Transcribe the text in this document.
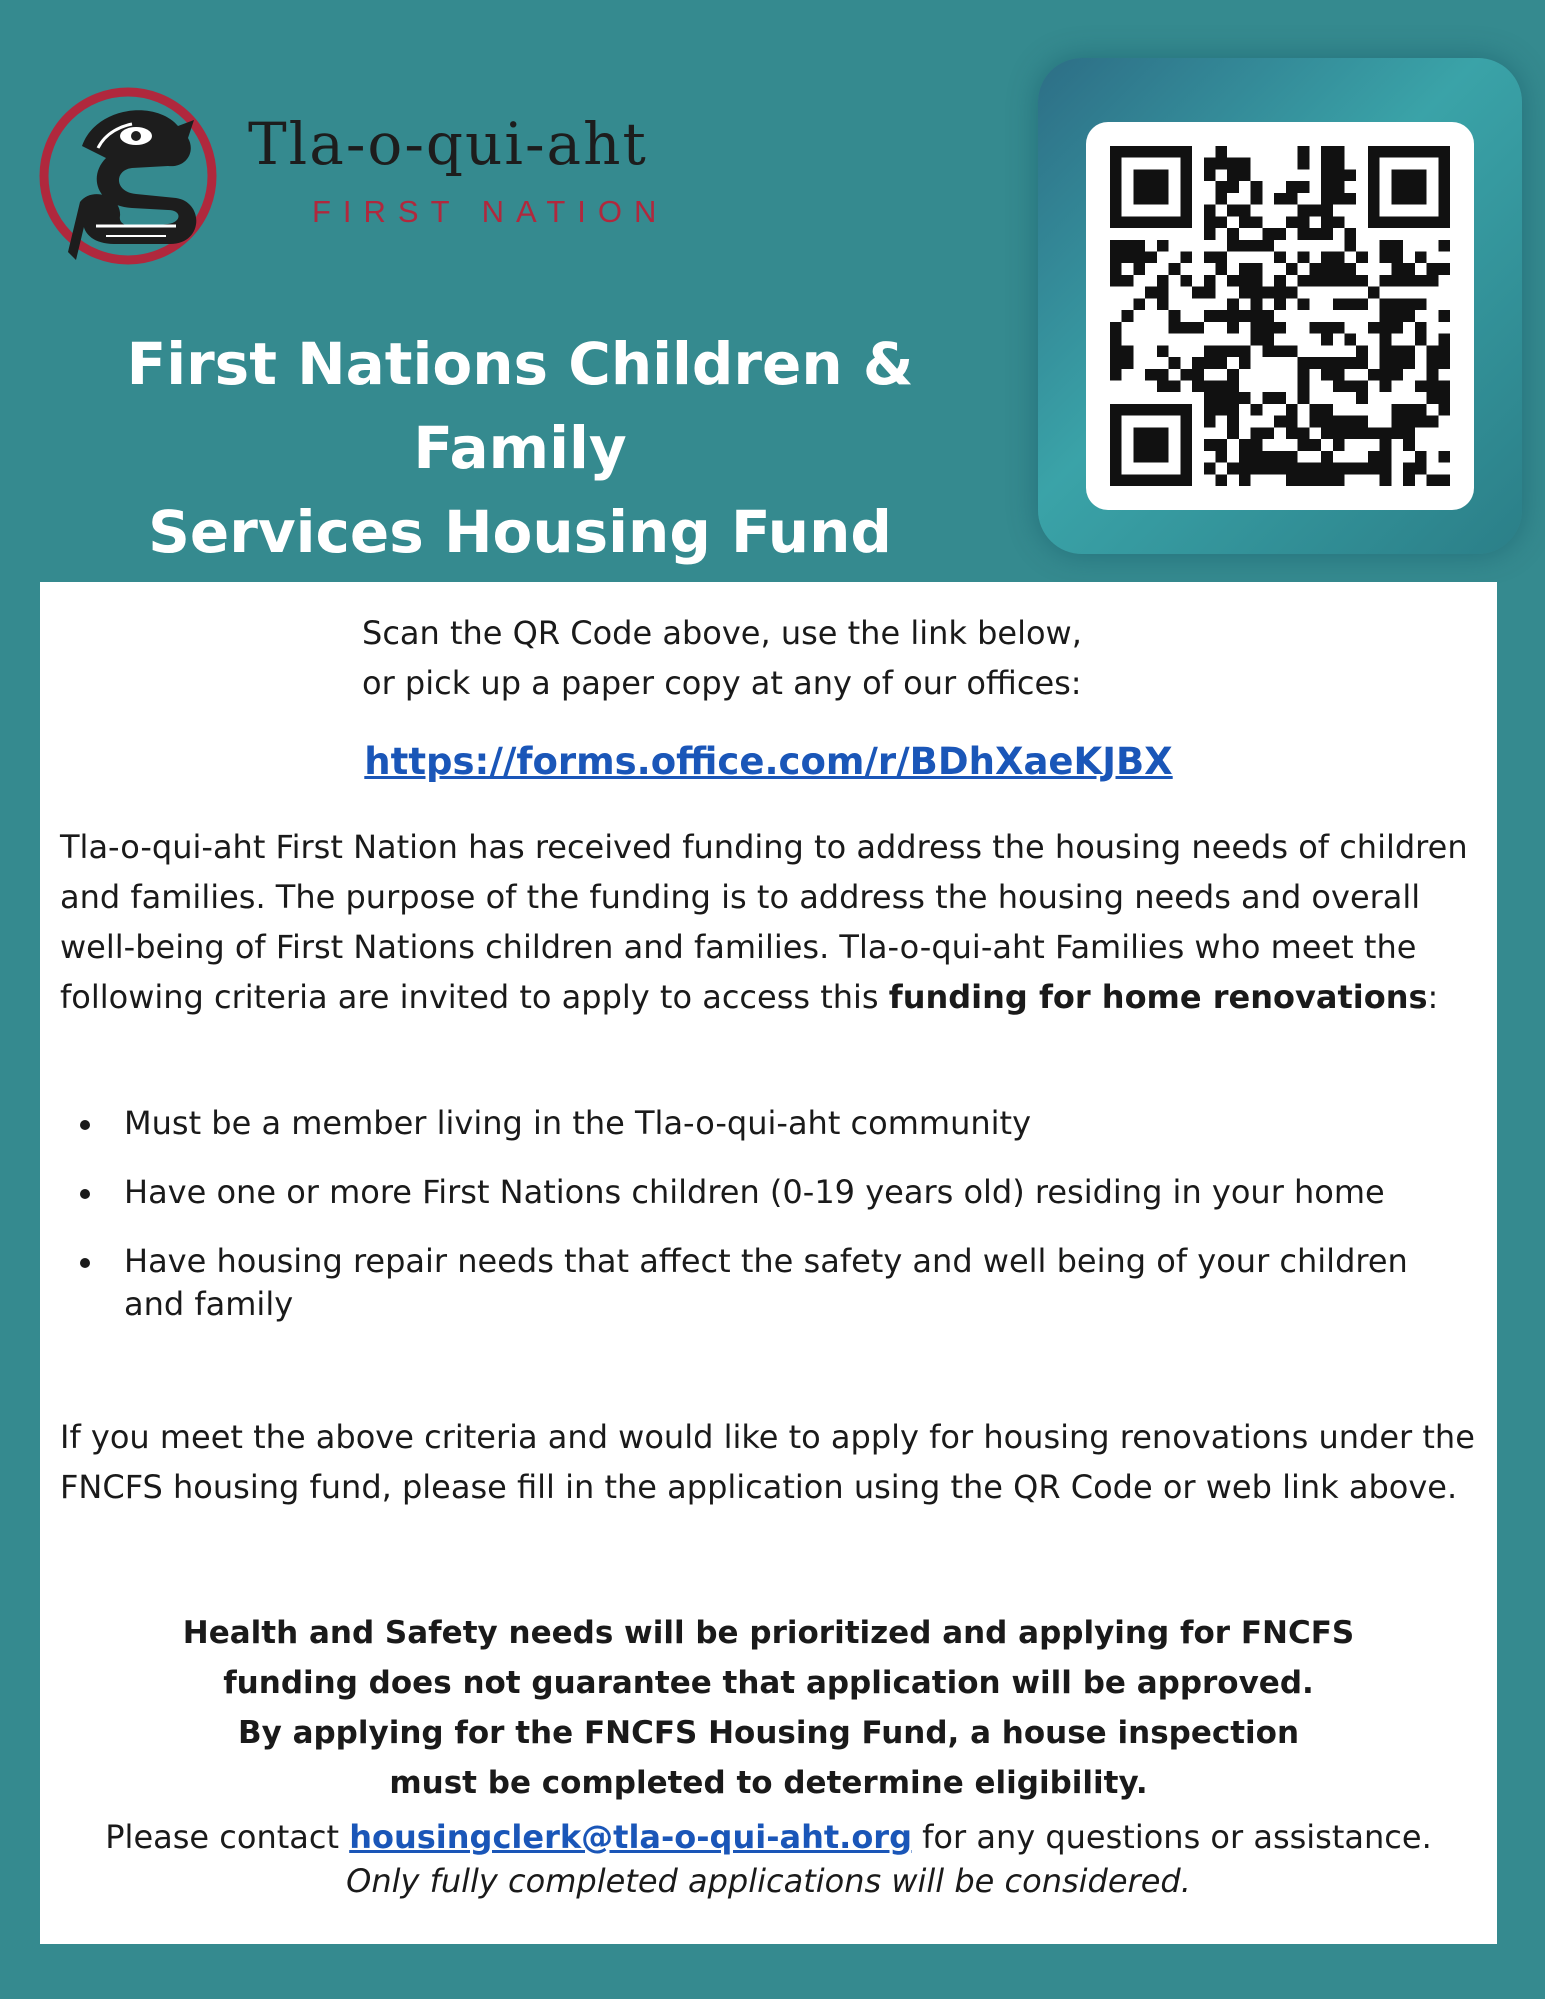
Tla-o-qui-aht
FIRST NATION
First Nations Children & Family
Services Housing Fund
Scan the QR Code above, use the link below,
or pick up a paper copy at any of our offices:
https://forms.office.com/r/BDhXaeKJBX
Tla-o-qui-aht First Nation has received funding to address the housing needs of children and families. The purpose of the funding is to address the housing needs and overall well-being of First Nations children and families. Tla-o-qui-aht Families who meet the following criteria are invited to apply to access this funding for home renovations:
Must be a member living in the Tla-o-qui-aht community
Have one or more First Nations children (0-19 years old) residing in your home
Have housing repair needs that affect the safety and well being of your children and family
If you meet the above criteria and would like to apply for housing renovations under the FNCFS housing fund, please fill in the application using the QR Code or web link above.
Health and Safety needs will be prioritized and applying for FNCFS
funding does not guarantee that application will be approved.
By applying for the FNCFS Housing Fund, a house inspection
must be completed to determine eligibility.
Please contact housingclerk@tla-o-qui-aht.org for any questions or assistance.
Only fully completed applications will be considered.
